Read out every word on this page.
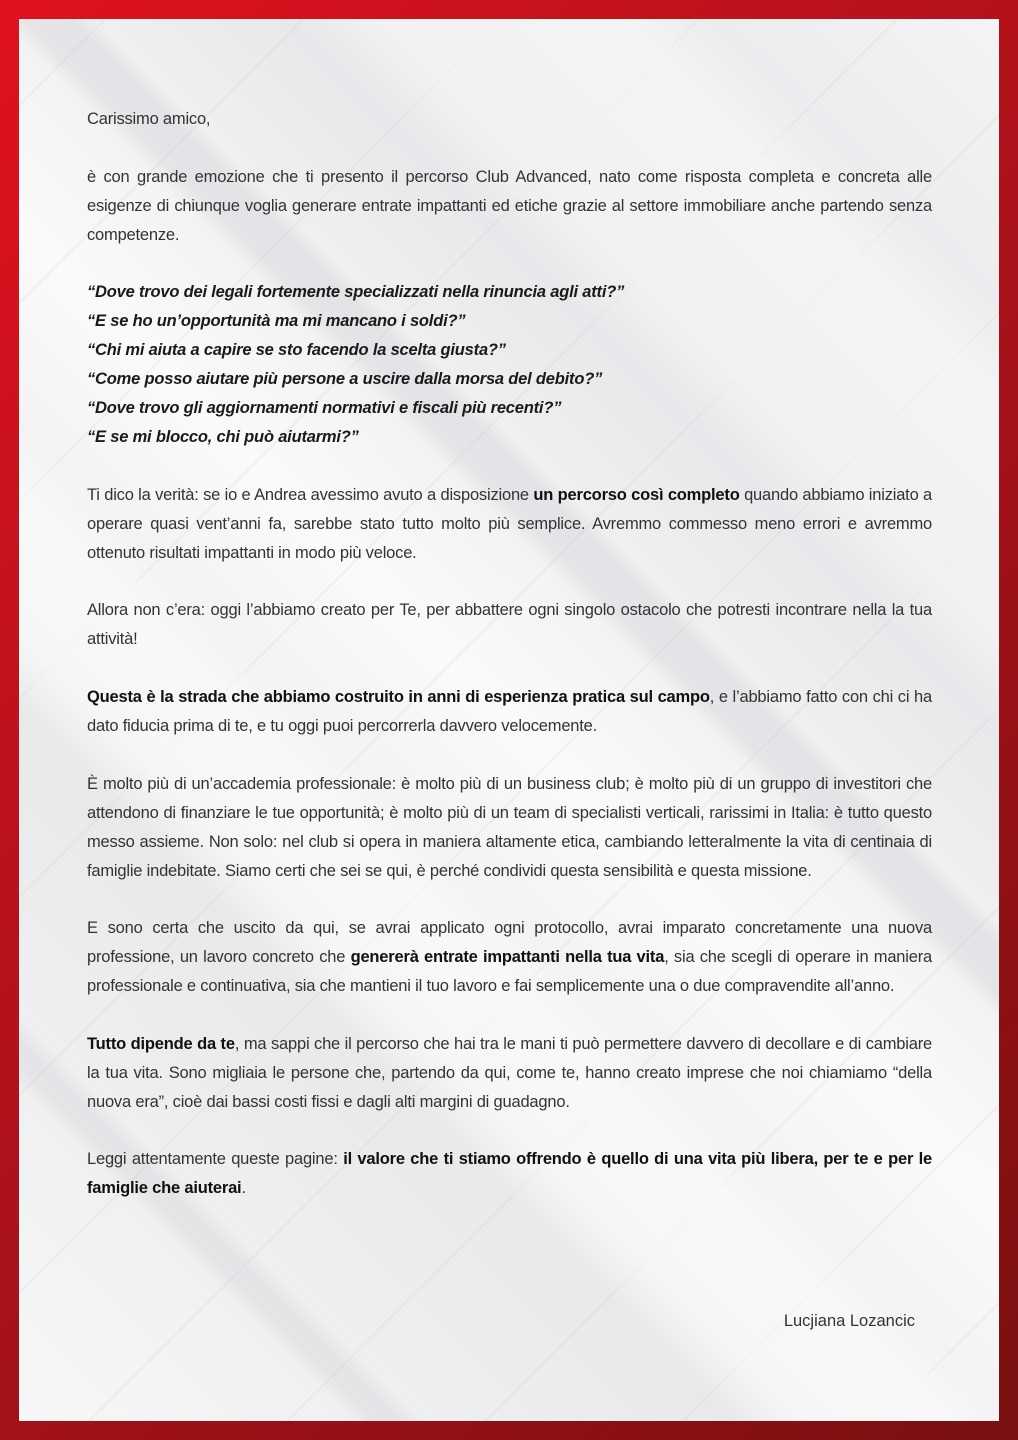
Carissimo amico,

è con grande emozione che ti presento il percorso Club Advanced, nato come risposta completa e concreta alle esigenze di chiunque voglia generare entrate impattanti ed etiche grazie al settore immobiliare anche partendo senza competenze.

“Dove trovo dei legali fortemente specializzati nella rinuncia agli atti?”

“E se ho un’opportunità ma mi mancano i soldi?”

“Chi mi aiuta a capire se sto facendo la scelta giusta?”

“Come posso aiutare più persone a uscire dalla morsa del debito?”

“Dove trovo gli aggiornamenti normativi e fiscali più recenti?”

“E se mi blocco, chi può aiutarmi?”

Ti dico la verità: se io e Andrea avessimo avuto a disposizione un percorso così completo quando abbiamo iniziato a operare quasi vent’anni fa, sarebbe stato tutto molto più semplice. Avremmo commesso meno errori e avremmo ottenuto risultati impattanti in modo più veloce.

Allora non c’era: oggi l’abbiamo creato per Te, per abbattere ogni singolo ostacolo che potresti incontrare nella la tua attività!

Questa è la strada che abbiamo costruito in anni di esperienza pratica sul campo, e l’abbiamo fatto con chi ci ha dato fiducia prima di te, e tu oggi puoi percorrerla davvero velocemente.

È molto più di un’accademia professionale: è molto più di un business club; è molto più di un gruppo di investitori che attendono di finanziare le tue opportunità; è molto più di un team di specialisti verticali, rarissimi in Italia: è tutto questo messo assieme. Non solo: nel club si opera in maniera altamente etica, cambiando letteralmente la vita di centinaia di famiglie indebitate. Siamo certi che sei se qui, è perché condividi questa sensibilità e questa missione.

E sono certa che uscito da qui, se avrai applicato ogni protocollo, avrai imparato concretamente una nuova professione, un lavoro concreto che genererà entrate impattanti nella tua vita, sia che scegli di operare in maniera professionale e continuativa, sia che mantieni il tuo lavoro e fai semplicemente una o due compravendite all’anno.

Tutto dipende da te, ma sappi che il percorso che hai tra le mani ti può permettere davvero di decollare e di cambiare la tua vita. Sono migliaia le persone che, partendo da qui, come te, hanno creato imprese che noi chiamiamo “della nuova era”, cioè dai bassi costi fissi e dagli alti margini di guadagno.

Leggi attentamente queste pagine: il valore che ti stiamo offrendo è quello di una vita più libera, per te e per le famiglie che aiuterai.

Lucjiana Lozancic
